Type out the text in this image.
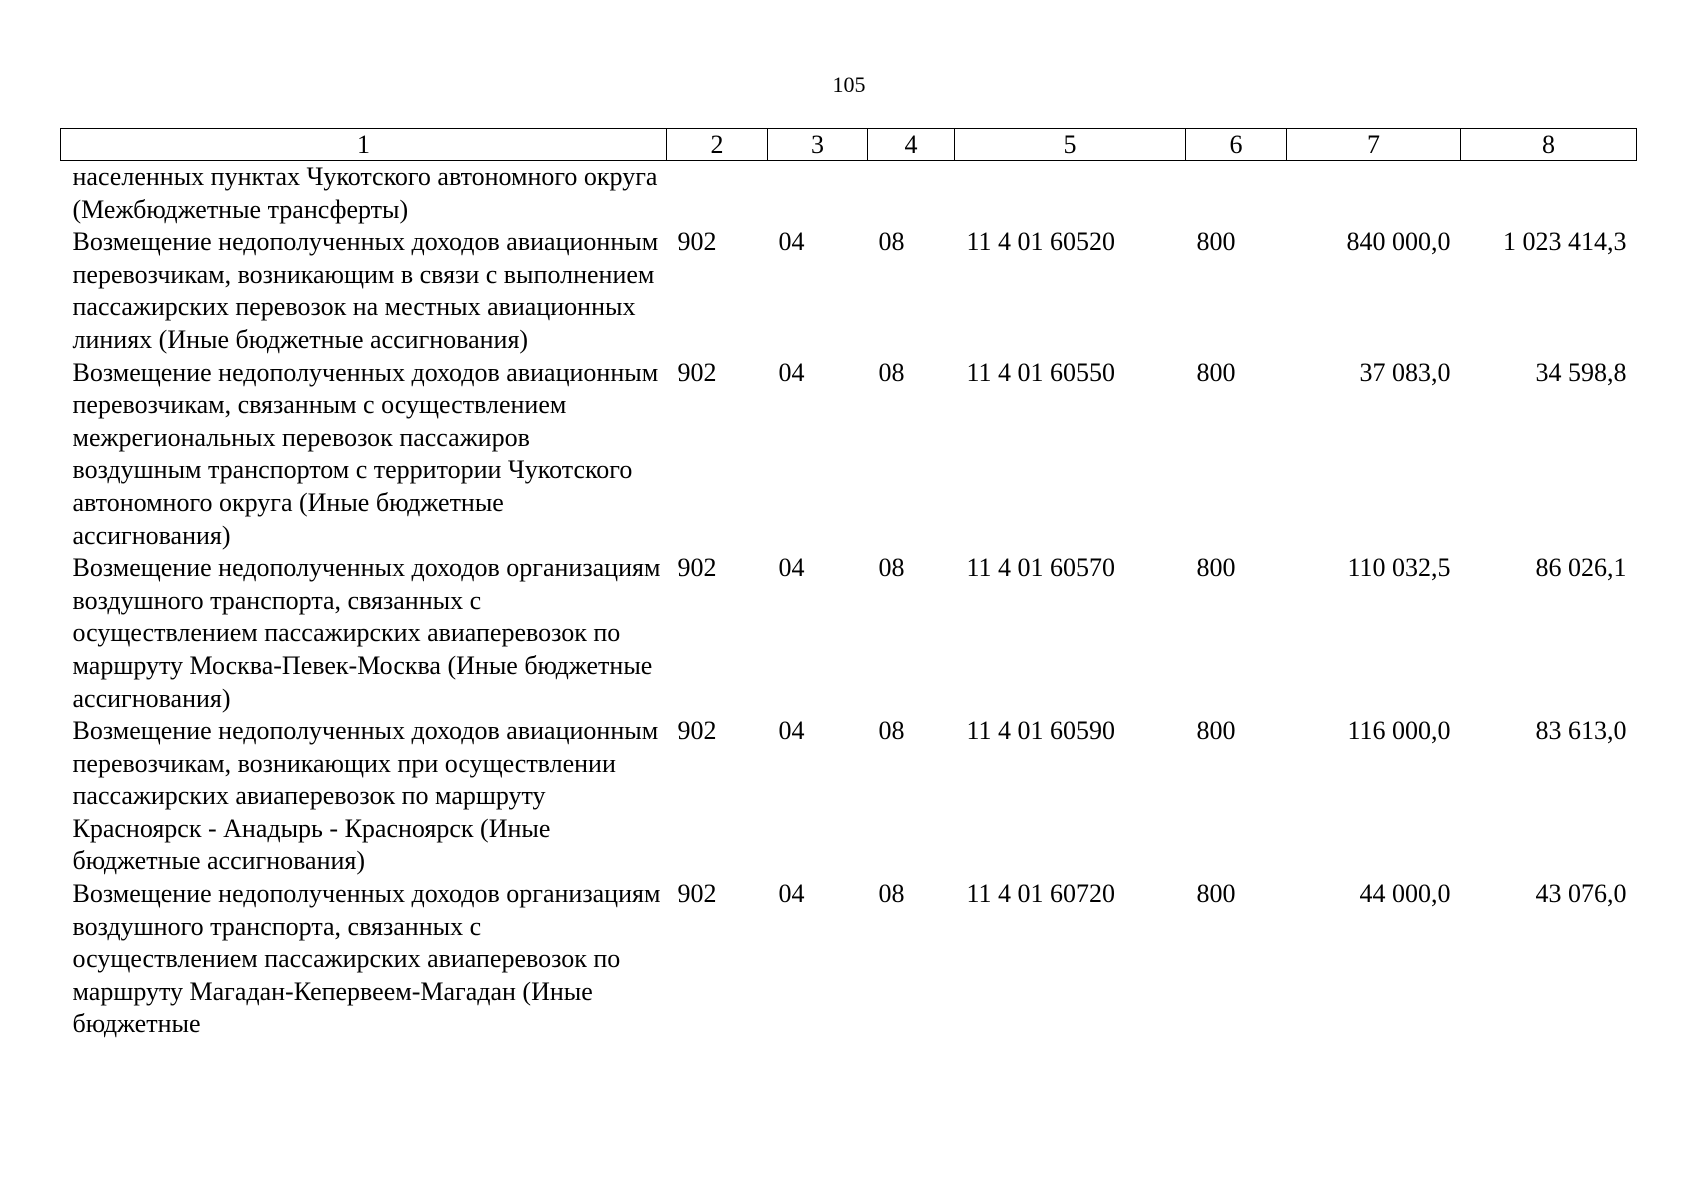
105
1	2	3	4	5	6	7	8
населенных пунктах Чукотского автономного округа (Межбюджетные трансферты)							
Возмещение недополученных доходов авиационным перевозчикам, возникающим в связи с выполнением пассажирских перевозок на местных авиационных линиях (Иные бюджетные ассигнования)	902	04	08	11 4 01 60520	800	840 000,0	1 023 414,3
Возмещение недополученных доходов авиационным перевозчикам, связанным с осуществлением межрегиональных перевозок пассажиров воздушным транспортом с территории Чукотского автономного округа (Иные бюджетные ассигнования)	902	04	08	11 4 01 60550	800	37 083,0	34 598,8
Возмещение недополученных доходов организациям воздушного транспорта, связанных с осуществлением пассажирских авиаперевозок по маршруту Москва-Певек-Москва (Иные бюджетные ассигнования)	902	04	08	11 4 01 60570	800	110 032,5	86 026,1
Возмещение недополученных доходов авиационным перевозчикам, возникающих при осуществлении пассажирских авиаперевозок по маршруту Красноярск - Анадырь - Красноярск (Иные бюджетные ассигнования)	902	04	08	11 4 01 60590	800	116 000,0	83 613,0
Возмещение недополученных доходов организациям воздушного транспорта, связанных с осуществлением пассажирских авиаперевозок по маршруту Магадан-Кепервеем-Магадан (Иные бюджетные	902	04	08	11 4 01 60720	800	44 000,0	43 076,0
